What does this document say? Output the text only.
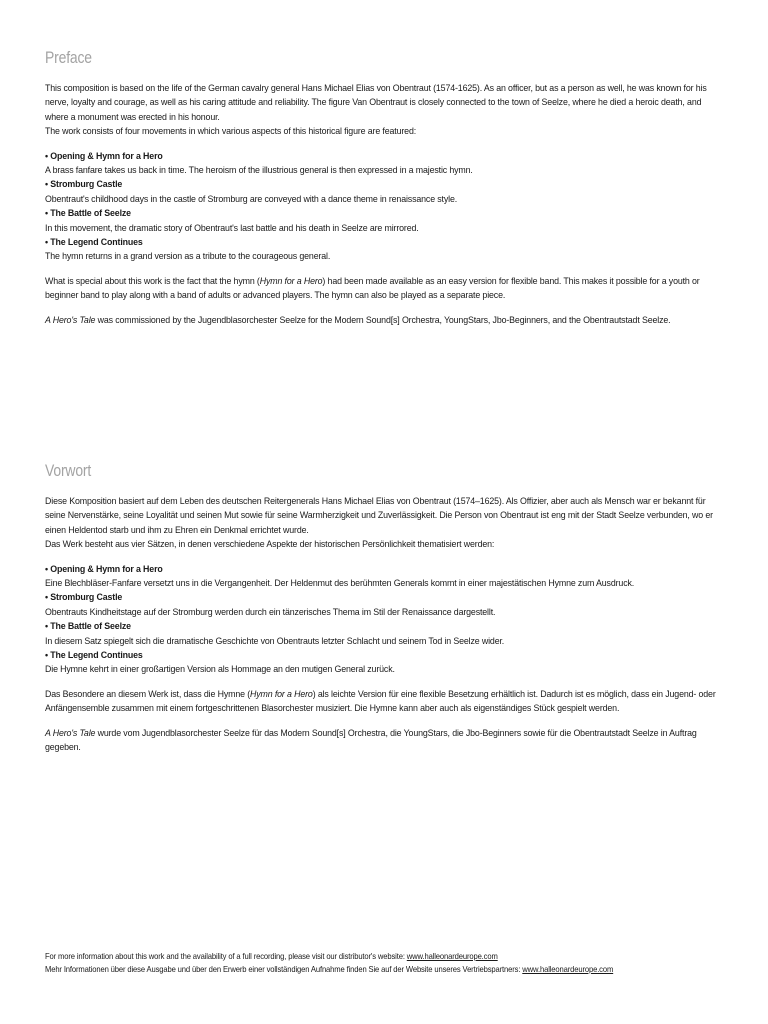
Preface

This composition is based on the life of the German cavalry general Hans Michael Elias von Obentraut (1574-1625). As an officer, but as a person as well, he was known for his nerve, loyalty and courage, as well as his caring attitude and reliability. The figure Van Obentraut is closely connected to the town of Seelze, where he died a heroic death, and where a monument was erected in his honour.

The work consists of four movements in which various aspects of this historical figure are featured:

• Opening & Hymn for a Hero

A brass fanfare takes us back in time. The heroism of the illustrious general is then expressed in a majestic hymn.

• Stromburg Castle

Obentraut's childhood days in the castle of Stromburg are conveyed with a dance theme in renaissance style.

• The Battle of Seelze

In this movement, the dramatic story of Obentraut's last battle and his death in Seelze are mirrored.

• The Legend Continues

The hymn returns in a grand version as a tribute to the courageous general.

What is special about this work is the fact that the hymn (Hymn for a Hero) had been made available as an easy version for flexible band. This makes it possible for a youth or beginner band to play along with a band of adults or advanced players. The hymn can also be played as a separate piece.

A Hero's Tale was commissioned by the Jugendblasorchester Seelze for the Modern Sound[s] Orchestra, YoungStars, Jbo-Beginners, and the Obentrautstadt Seelze.

Vorwort

Diese Komposition basiert auf dem Leben des deutschen Reitergenerals Hans Michael Elias von Obentraut (1574–1625). Als Offizier, aber auch als Mensch war er bekannt für seine Nervenstärke, seine Loyalität und seinen Mut sowie für seine Warmherzigkeit und Zuverlässigkeit. Die Person von Obentraut ist eng mit der Stadt Seelze verbunden, wo er einen Heldentod starb und ihm zu Ehren ein Denkmal errichtet wurde.

Das Werk besteht aus vier Sätzen, in denen verschiedene Aspekte der historischen Persönlichkeit thematisiert werden:

• Opening & Hymn for a Hero

Eine Blechbläser-Fanfare versetzt uns in die Vergangenheit. Der Heldenmut des berühmten Generals kommt in einer majestätischen Hymne zum Ausdruck.

• Stromburg Castle

Obentrauts Kindheitstage auf der Stromburg werden durch ein tänzerisches Thema im Stil der Renaissance dargestellt.

• The Battle of Seelze

In diesem Satz spiegelt sich die dramatische Geschichte von Obentrauts letzter Schlacht und seinem Tod in Seelze wider.

• The Legend Continues

Die Hymne kehrt in einer großartigen Version als Hommage an den mutigen General zurück.

Das Besondere an diesem Werk ist, dass die Hymne (Hymn for a Hero) als leichte Version für eine flexible Besetzung erhältlich ist. Dadurch ist es möglich, dass ein Jugend- oder Anfängensemble zusammen mit einem fortgeschrittenen Blasorchester musiziert. Die Hymne kann aber auch als eigenständiges Stück gespielt werden.

A Hero's Tale wurde vom Jugendblasorchester Seelze für das Modern Sound[s] Orchestra, die YoungStars, die Jbo-Beginners sowie für die Obentrautstadt Seelze in Auftrag gegeben.

For more information about this work and the availability of a full recording, please visit our distributor's website: www.halleonardeurope.com
Mehr Informationen über diese Ausgabe und über den Erwerb einer vollständigen Aufnahme finden Sie auf der Website unseres Vertriebspartners: www.halleonardeurope.com
